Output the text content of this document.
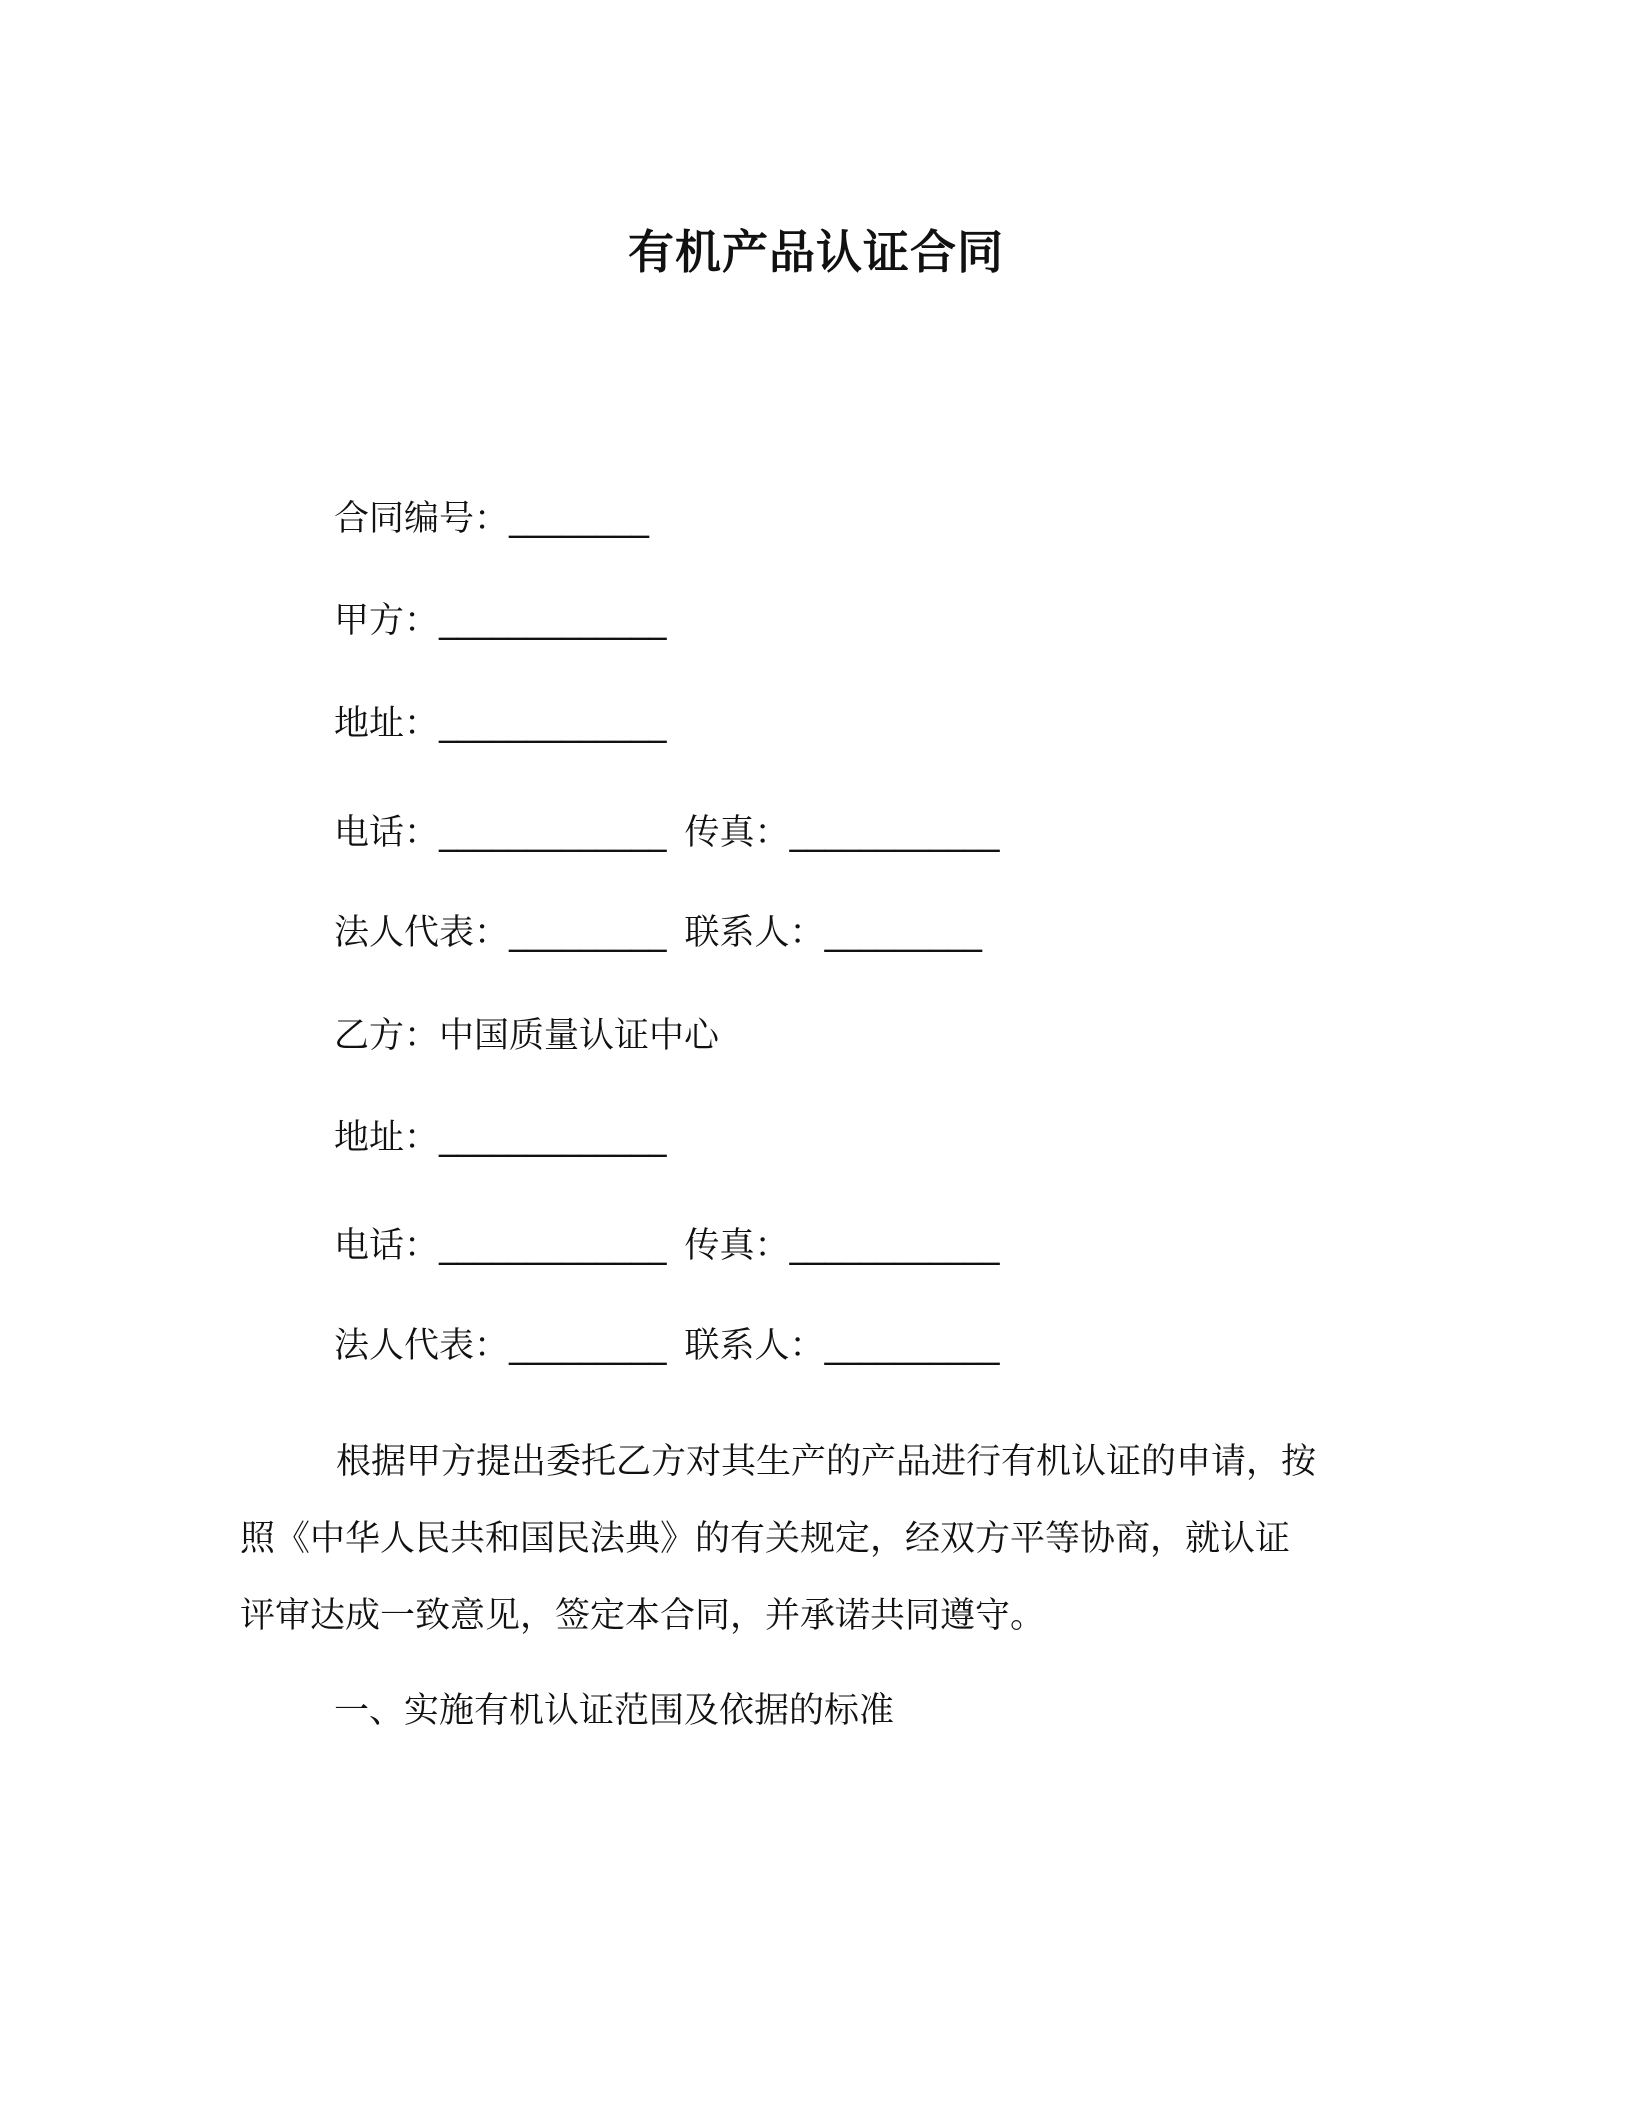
有机产品认证合同
合同编号：________
甲方：_____________
地址：_____________
电话：_____________ 传真：____________
法人代表：_________ 联系人：_________
乙方：中国质量认证中心
地址：_____________
电话：_____________ 传真：____________
法人代表：_________ 联系人：__________
根据甲方提出委托乙方对其生产的产品进行有机认证的申请，按
照《中华人民共和国民法典》的有关规定，经双方平等协商，就认证
评审达成一致意见，签定本合同，并承诺共同遵守。
一、实施有机认证范围及依据的标准
